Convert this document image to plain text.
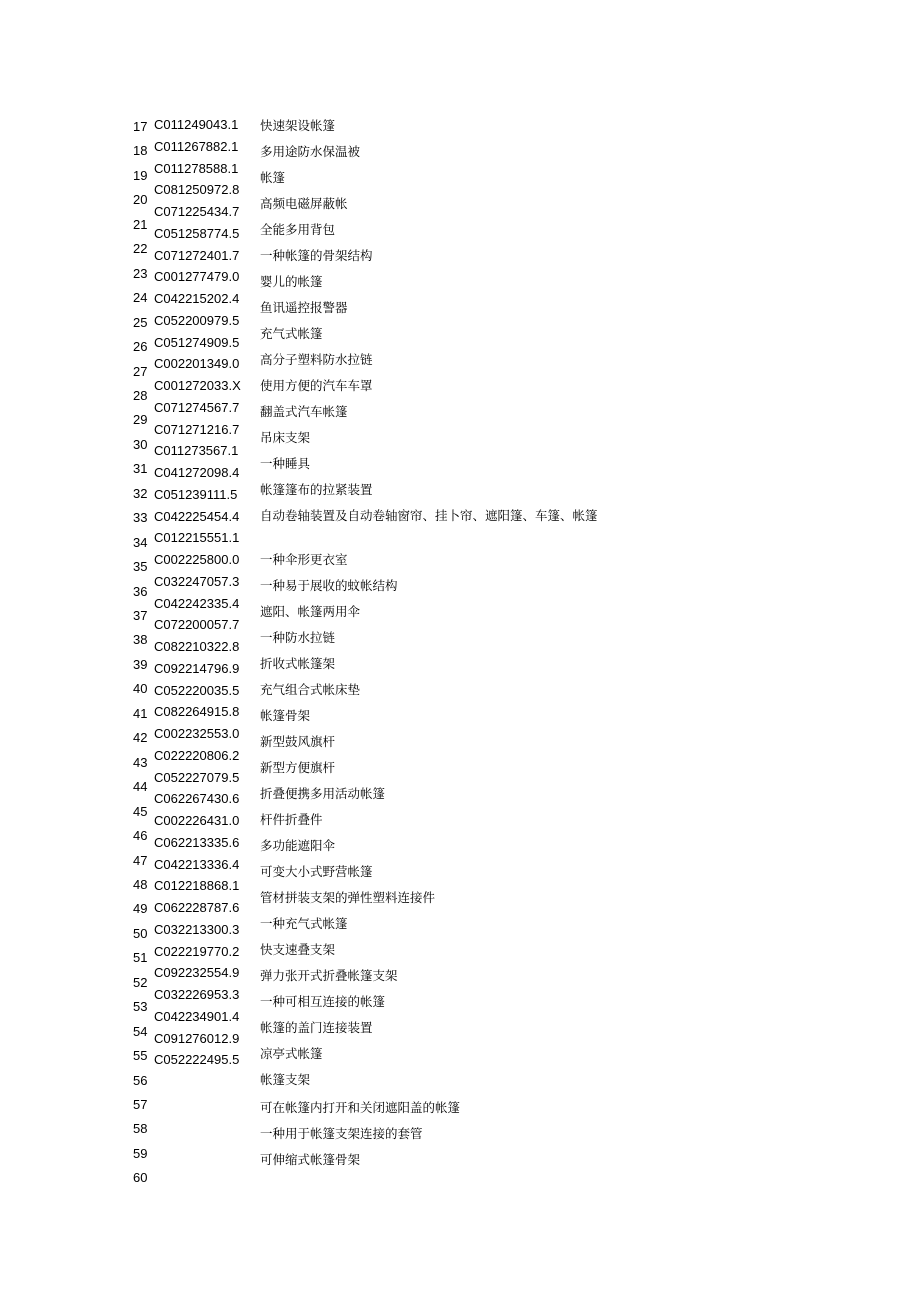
17
18
19
20
21
22
23
24
25
26
27
28
29
30
31
32
33
34
35
36
37
38
39
40
41
42
43
44
45
46
47
48
49
50
51
52
53
54
55
56
57
58
59
60
C011249043.1
C011267882.1
C011278588.1
C081250972.8
C071225434.7
C051258774.5
C071272401.7
C001277479.0
C042215202.4
C052200979.5
C051274909.5
C002201349.0
C001272033.X
C071274567.7
C071271216.7
C011273567.1
C041272098.4
C051239111.5
C042225454.4
C012215551.1
C002225800.0
C032247057.3
C042242335.4
C072200057.7
C082210322.8
C092214796.9
C052220035.5
C082264915.8
C002232553.0
C022220806.2
C052227079.5
C062267430.6
C002226431.0
C062213335.6
C042213336.4
C012218868.1
C062228787.6
C032213300.3
C022219770.2
C092232554.9
C032226953.3
C042234901.4
C091276012.9
C052222495.5
快速架设帐篷
多用途防水保温被
帐篷
高频电磁屏蔽帐
全能多用背包
一种帐篷的骨架结构
婴儿的帐篷
鱼讯遥控报警器
充气式帐篷
高分子塑料防水拉链
使用方便的汽车车罩
翻盖式汽车帐篷
吊床支架
一种睡具
帐篷篷布的拉紧装置
自动卷轴装置及自动卷轴窗帘、挂卜帘、遮阳篷、车篷、帐篷
一种伞形更衣室
一种易于展收的蚊帐结构
遮阳、帐篷两用伞
一种防水拉链
折收式帐篷架
充气组合式帐床垫
帐篷骨架
新型鼓风旗杆
新型方便旗杆
折叠便携多用活动帐篷
杆件折叠件
多功能遮阳伞
可变大小式野营帐篷
管材拼装支架的弹性塑料连接件
一种充气式帐篷
快支速叠支架
弹力张开式折叠帐篷支架
一种可相互连接的帐篷
帐篷的盖门连接装置
凉亭式帐篷
帐篷支架
可在帐篷内打开和关闭遮阳盖的帐篷
一种用于帐篷支架连接的套管
可伸缩式帐篷骨架
